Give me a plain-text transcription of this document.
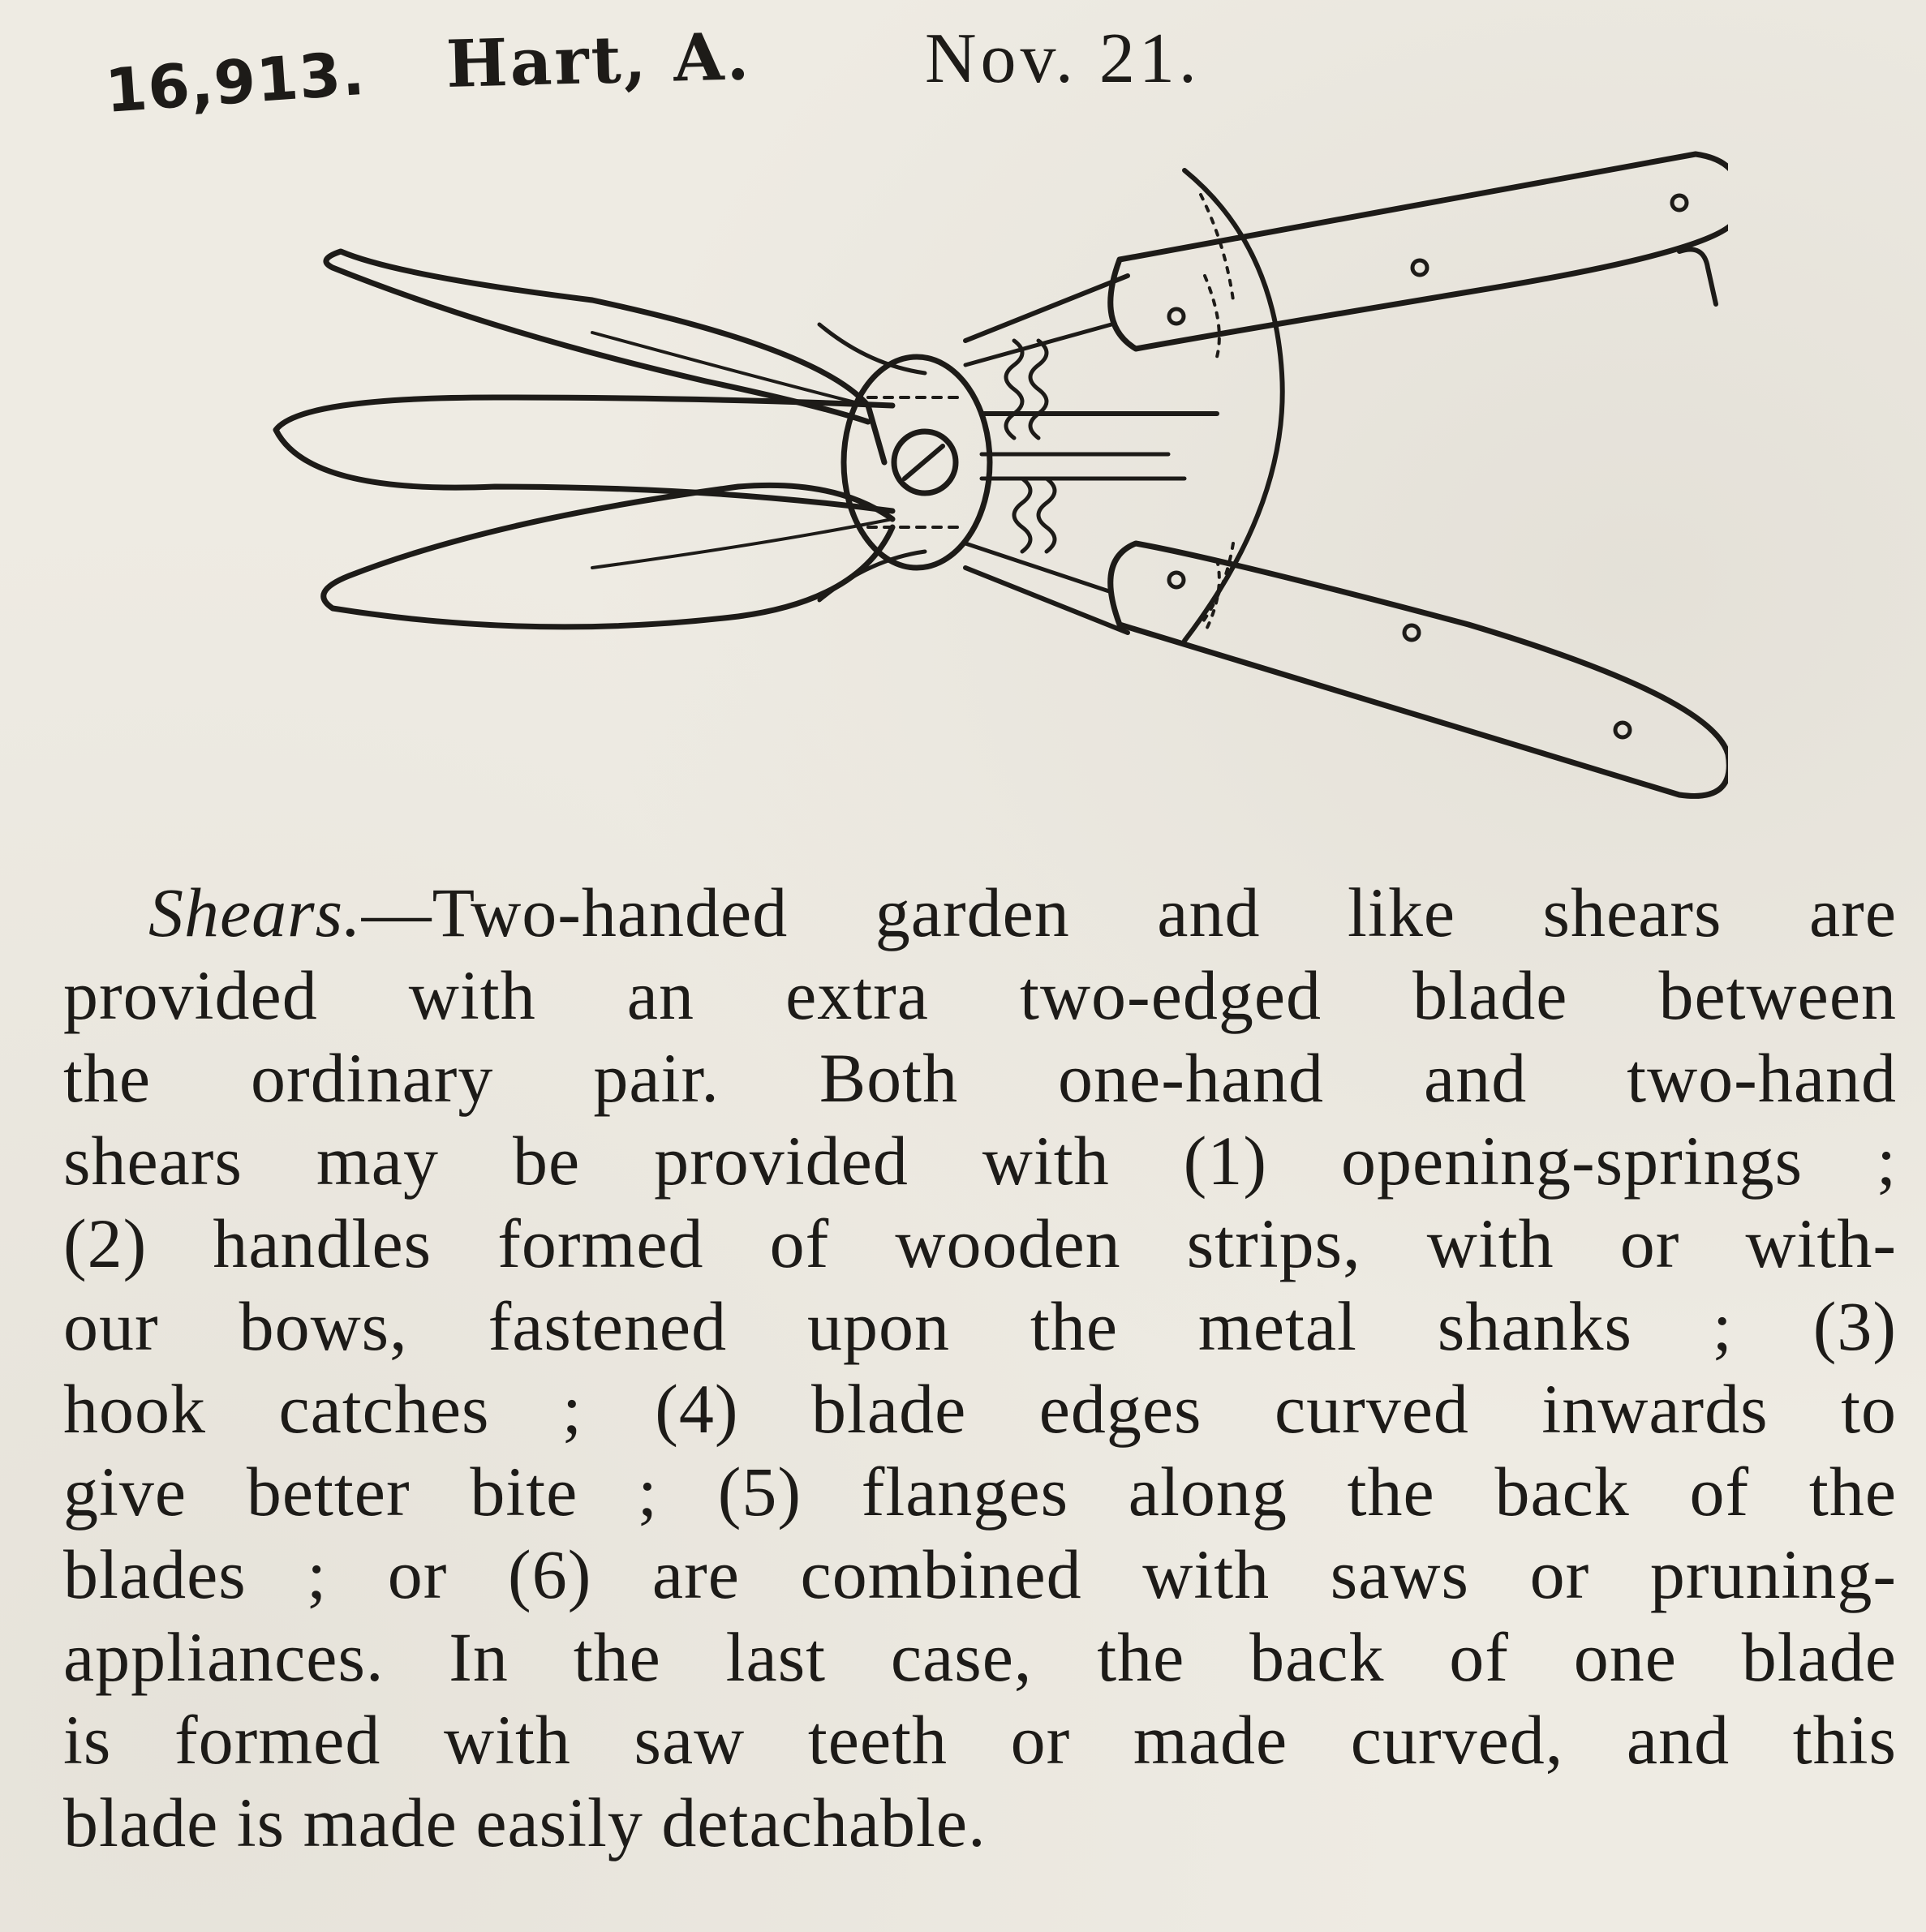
16,913. Hart, A. Nov. 21.
Shears.—Two-handed garden and like shears are
provided with an extra two-edged blade between
the ordinary pair. Both one-hand and two-hand
shears may be provided with (1) opening-springs ;
(2) handles formed of wooden strips, with or with-
our bows, fastened upon the metal shanks ; (3)
hook catches ; (4) blade edges curved inwards to
give better bite ; (5) flanges along the back of the
blades ; or (6) are combined with saws or pruning-
appliances. In the last case, the back of one blade
is formed with saw teeth or made curved, and this
blade is made easily detachable.
